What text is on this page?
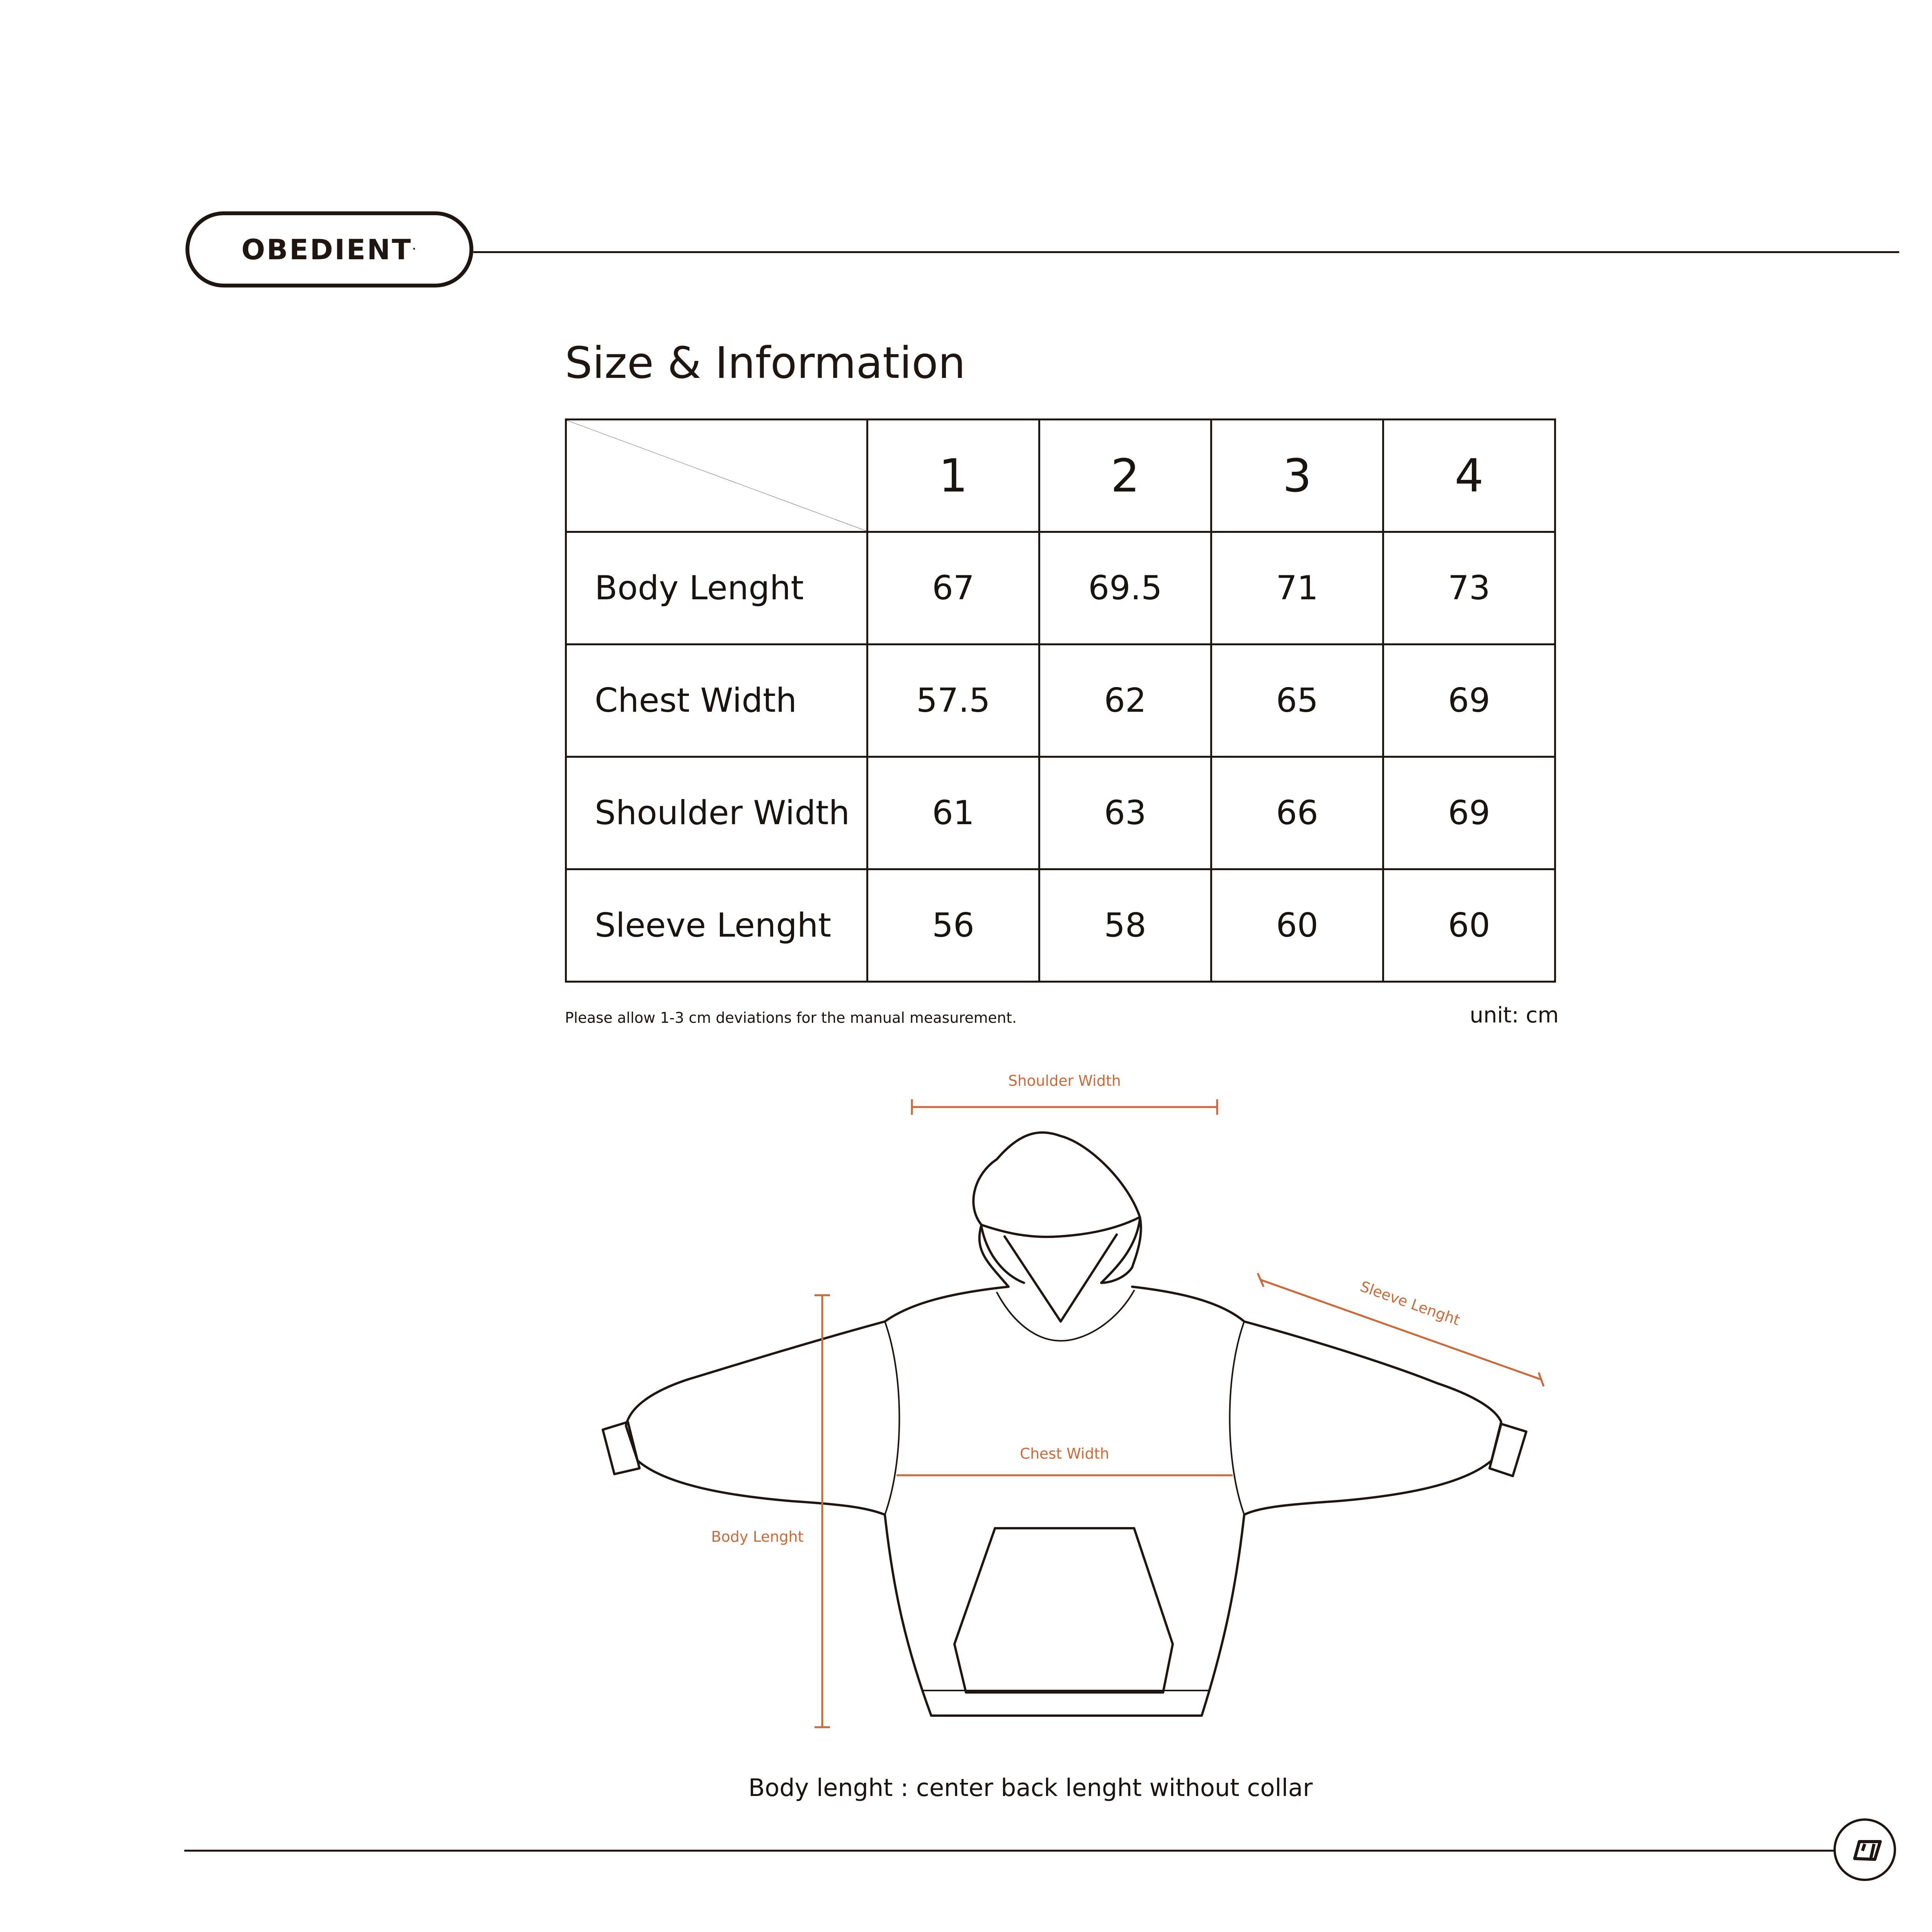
OBEDIENT.
Size & Information
	1	2	3	4
Body Lenght	67	69.5	71	73
Chest Width	57.5	62	65	69
Shoulder Width	61	63	66	69
Sleeve Lenght	56	58	60	60
Please allow 1-3 cm deviations for the manual measurement.	unit: cm
Shoulder Width
Sleeve Lenght
Chest Width
Body Lenght
Body lenght : center back lenght without collar
